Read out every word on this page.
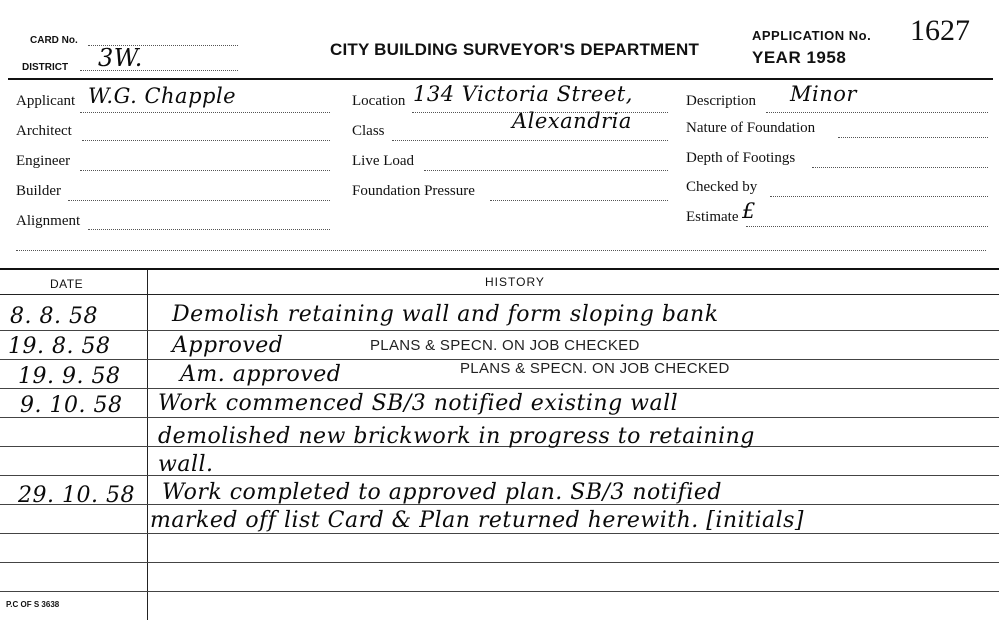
CARD No.
DISTRICT 3W.	CITY BUILDING SURVEYOR'S DEPARTMENT
APPLICATION No. 1627
YEAR 1958
Applicant W.G. Chapple
Architect
Engineer
Builder
Alignment
Location 134 Victoria Street,
Alexandria
Class
Live Load
Foundation Pressure
Description Minor
Nature of Foundation
Depth of Footings
Checked by
Estimate £
DATE	HISTORY
8. 8. 58	Demolish retaining wall and form sloping bank
19. 8. 58	Approved	PLANS & SPECN. ON JOB CHECKED
19. 9. 58	Am. approved	PLANS & SPECN. ON JOB CHECKED
9. 10. 58 Work commenced SB/3 notified existing wall
demolished new brickwork in progress to retaining
wall.
29. 10. 58 Work completed to approved plan. SB/3 notified
marked off list Card & Plan returned herewith. [initials]
P.C OF S 3638
